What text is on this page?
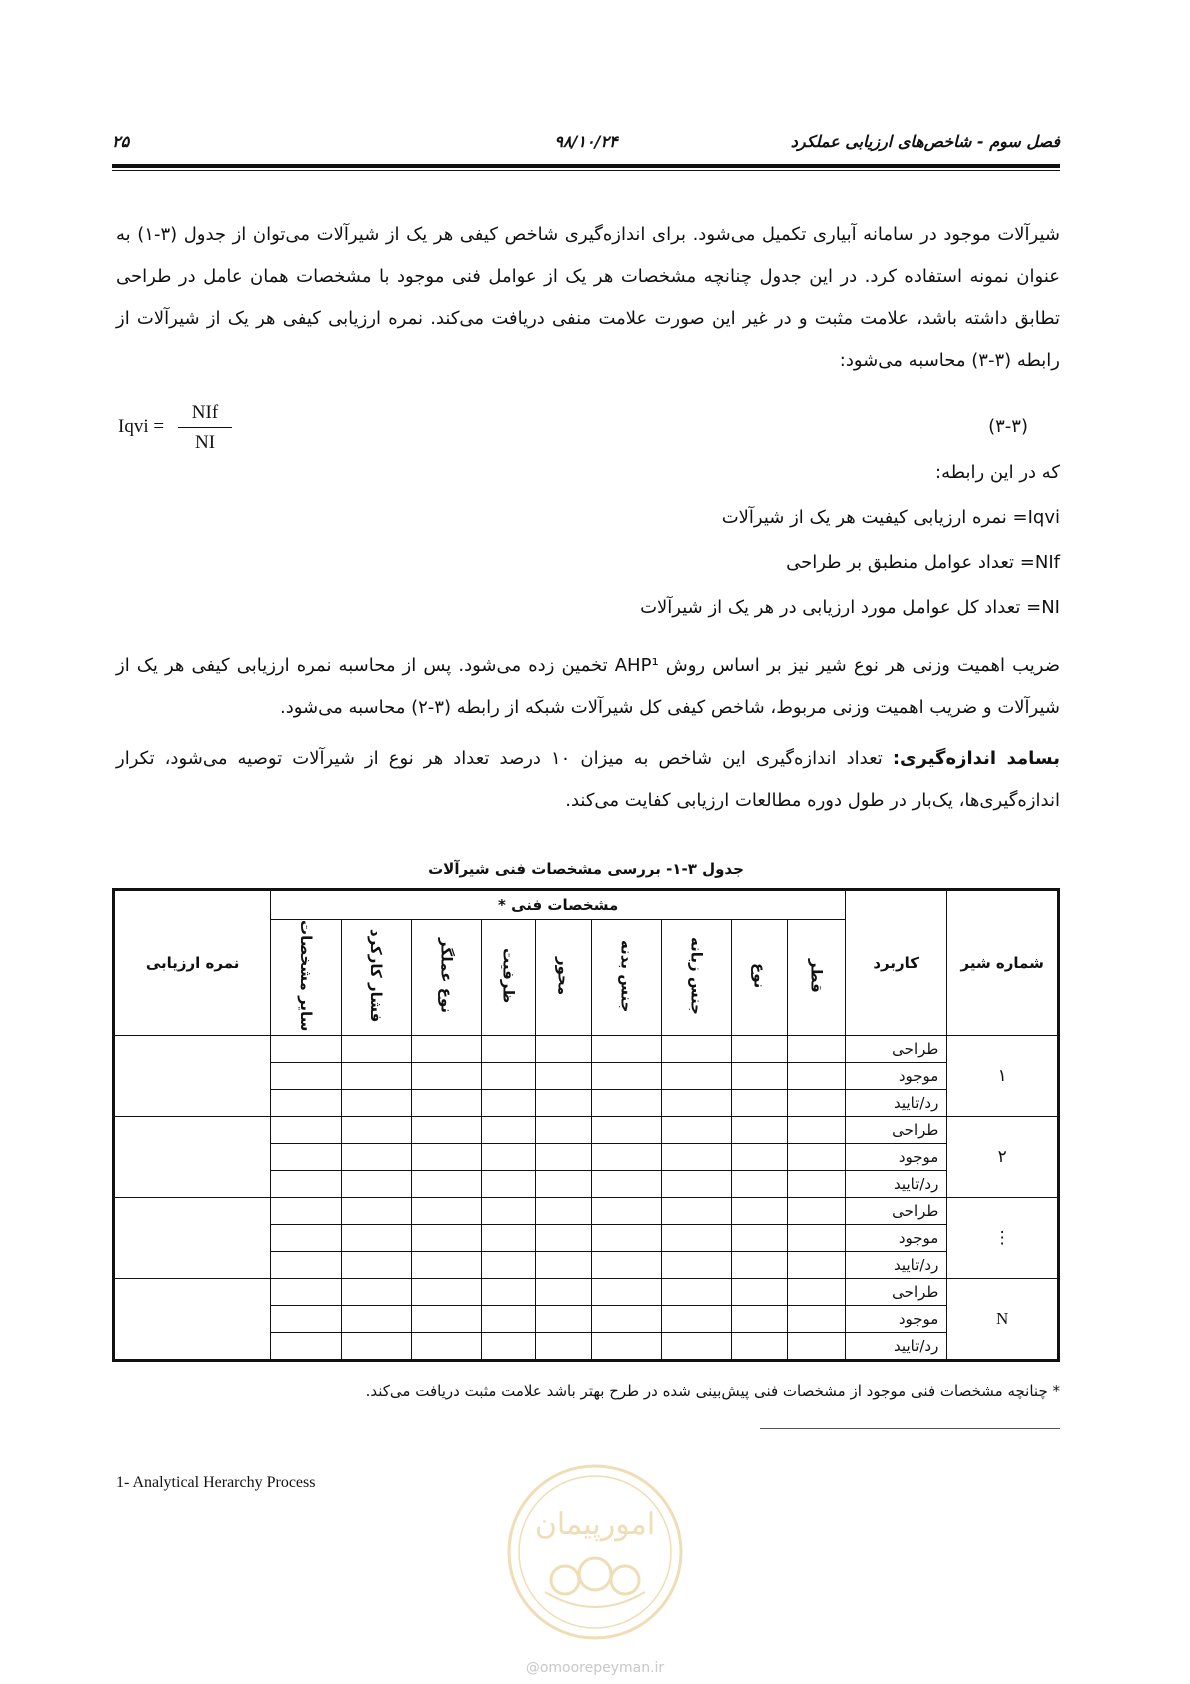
فصل سوم - شاخص‌های ارزیابی عملکرد
۹۸/۱۰/۲۴
۲۵
شیرآلات موجود در سامانه آبیاری تکمیل می‌شود. برای اندازه‌گیری شاخص کیفی هر یک از شیرآلات می‌توان از جدول (۳-۱) به عنوان نمونه استفاده کرد. در این جدول چنانچه مشخصات هر یک از عوامل فنی موجود با مشخصات همان عامل در طراحی تطابق داشته باشد، علامت مثبت و در غیر این صورت علامت منفی دریافت می‌کند. نمره ارزیابی کیفی هر یک از شیرآلات از رابطه (۳-۳) محاسبه می‌شود:
Iqvi =
NIf
NI
(۳-۳)
که در این رابطه:
Iqvi= نمره ارزیابی کیفیت هر یک از شیرآلات
NIf= تعداد عوامل منطبق بر طراحی
NI= تعداد کل عوامل مورد ارزیابی در هر یک از شیرآلات
ضریب اهمیت وزنی هر نوع شیر نیز بر اساس روش AHP¹ تخمین زده می‌شود. پس از محاسبه نمره ارزیابی کیفی هر یک از شیرآلات و ضریب اهمیت وزنی مربوط، شاخص کیفی کل شیرآلات شبکه از رابطه (۳-۲) محاسبه می‌شود.
بسامد اندازه‌گیری: تعداد اندازه‌گیری این شاخص به میزان ۱۰ درصد تعداد هر نوع از شیرآلات توصیه می‌شود، تکرار اندازه‌گیری‌ها، یک‌بار در طول دوره مطالعات ارزیابی کفایت می‌کند.
جدول ۳-۱- بررسی مشخصات فنی شیرآلات
شماره شیر	کاربرد	مشخصات فنی *									نمره ارزیابی
		قطر	نوع	جنس زبانه	جنس بدنه	محور	ظرفیت	نوع عملگر	فشار کارکرد	سایر مشخصات	
۱	طراحی										
	موجود										
	رد/تایید										
۲	طراحی										
	موجود										
	رد/تایید										
⋮	طراحی										
	موجود										
	رد/تایید										
N	طراحی										
	موجود										
	رد/تایید										
* چنانچه مشخصات فنی موجود از مشخصات فنی پیش‌بینی شده در طرح بهتر باشد علامت مثبت دریافت می‌کند.
1- Analytical Herarchy Process
امورپیمان
@omoorepeyman.ir
